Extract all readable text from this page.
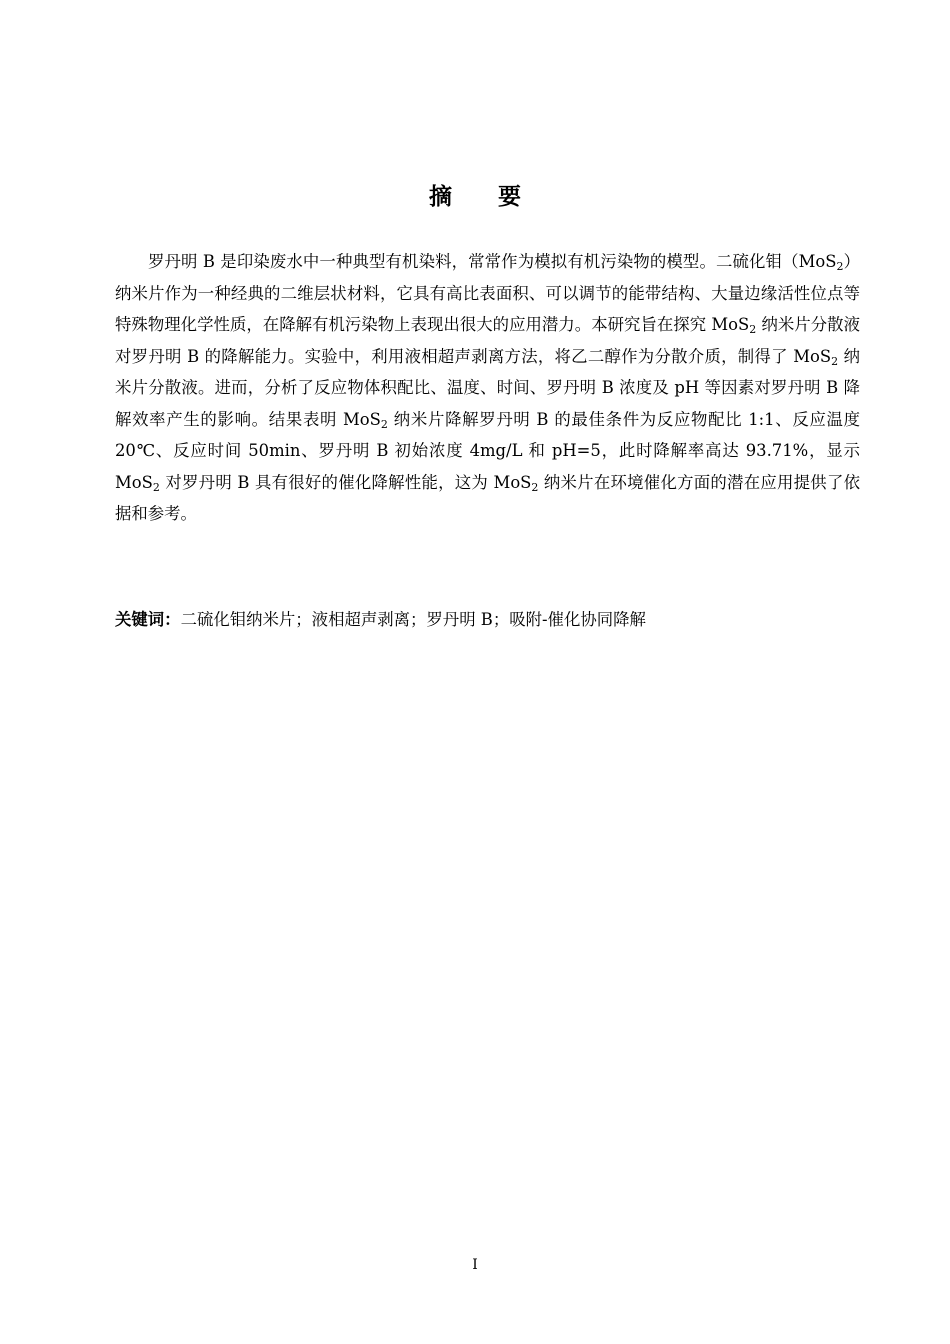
摘 要

罗丹明 B 是印染废水中一种典型有机染料，常常作为模拟有机污染物的模型。二硫化钼（MoS$_2$）纳米片作为一种经典的二维层状材料，它具有高比表面积、可以调节的能带结构、大量边缘活性位点等特殊物理化学性质，在降解有机污染物上表现出很大的应用潜力。本研究旨在探究 MoS$_2$ 纳米片分散液对罗丹明 B 的降解能力。实验中，利用液相超声剥离方法，将乙二醇作为分散介质，制得了 MoS$_2$ 纳米片分散液。进而，分析了反应物体积配比、温度、时间、罗丹明 B 浓度及 pH 等因素对罗丹明 B 降解效率产生的影响。结果表明 MoS$_2$ 纳米片降解罗丹明 B 的最佳条件为反应物配比 1:1、反应温度 20℃、反应时间 50min、罗丹明 B 初始浓度 4mg/L 和 pH=5，此时降解率高达 93.71%，显示 MoS$_2$ 对罗丹明 B 具有很好的催化降解性能，这为 MoS$_2$ 纳米片在环境催化方面的潜在应用提供了依据和参考。

关键词：二硫化钼纳米片；液相超声剥离；罗丹明 B；吸附-催化协同降解

I
